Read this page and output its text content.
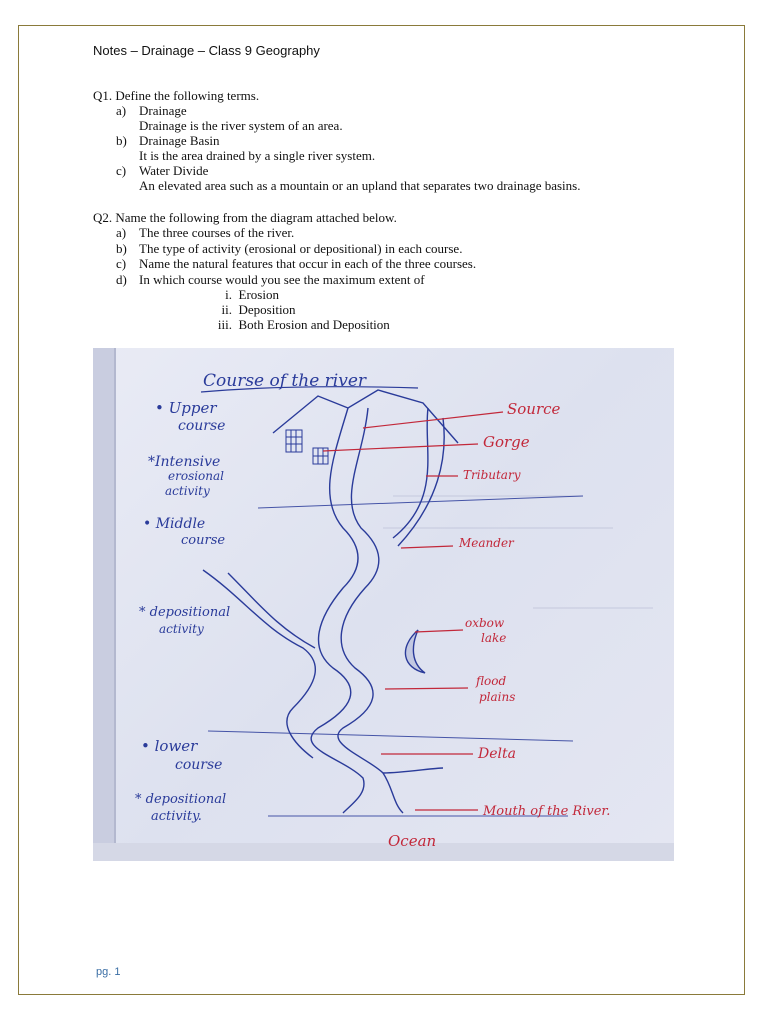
Notes – Drainage – Class 9 Geography
Q1. Define the following terms.
a) Drainage
Drainage is the river system of an area.
b) Drainage Basin
It is the area drained by a single river system.
c) Water Divide
An elevated area such as a mountain or an upland that separates two drainage basins.
Q2. Name the following from the diagram attached below.
a) The three courses of the river.
b) The type of activity (erosional or depositional) in each course.
c) Name the natural features that occur in each of the three courses.
d) In which course would you see the maximum extent of
i. Erosion
ii. Deposition
iii. Both Erosion and Deposition
Course of the river
• Upper
course
*Intensive
erosional
activity
• Middle
course
* depositional
activity
• lower
course
* depositional
activity.
Source
Gorge
Tributary
Meander
oxbow
lake
flood
plains
Delta
Mouth of the River.
Ocean
pg. 1
